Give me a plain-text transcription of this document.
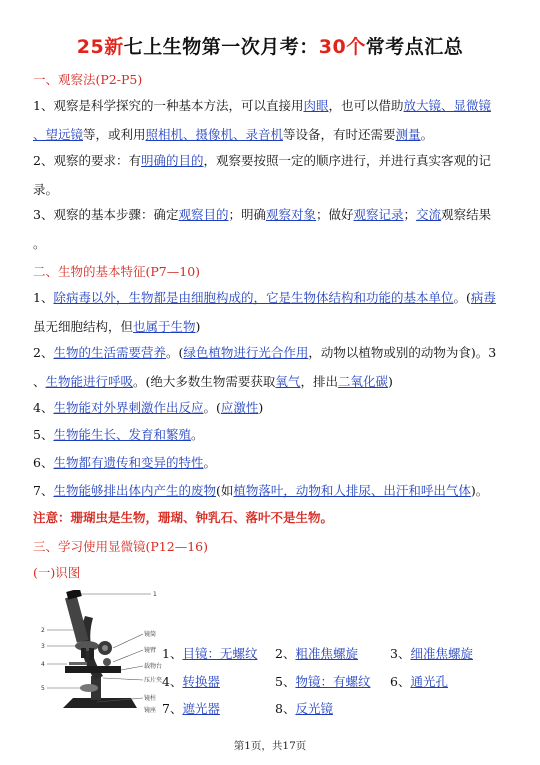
25新七上生物第一次月考：30个常考点汇总
一、观察法(P2-P5)
1、观察是科学探究的一种基本方法，可以直接用肉眼，也可以借助放大镜、显微镜
、望远镜等，或利用照相机、摄像机、录音机等设备，有时还需要测量。
2、观察的要求：有明确的目的，观察要按照一定的顺序进行，并进行真实客观的记
录。
3、观察的基本步骤：确定观察目的；明确观察对象；做好观察记录；交流观察结果
。
二、生物的基本特征(P7—10)
1、除病毒以外，生物都是由细胞构成的，它是生物体结构和功能的基本单位。(病毒
虽无细胞结构，但也属于生物)
2、生物的生活需要营养。(绿色植物进行光合作用，动物以植物或别的动物为食)。3
、生物能进行呼吸。(绝大多数生物需要获取氧气，排出二氧化碳)
4、生物能对外界刺激作出反应。(应激性)
5、生物能生长、发育和繁殖。
6、生物都有遗传和变异的特性。
7、生物能够排出体内产生的废物(如植物落叶，动物和人排尿、出汗和呼出气体)。
注意：珊瑚虫是生物，珊瑚、钟乳石、落叶不是生物。
三、学习使用显微镜(P12—16)
(一)识图
1
2
3
4
5
镜筒
镜臂
载物台
压片夹
镜柱
镜座
1、目镜：无螺纹 2、粗准焦螺旋	3、细准焦螺旋
4、转换器	5、物镜：有螺纹 6、通光孔
7、遮光器	8、反光镜
第1页，共17页
